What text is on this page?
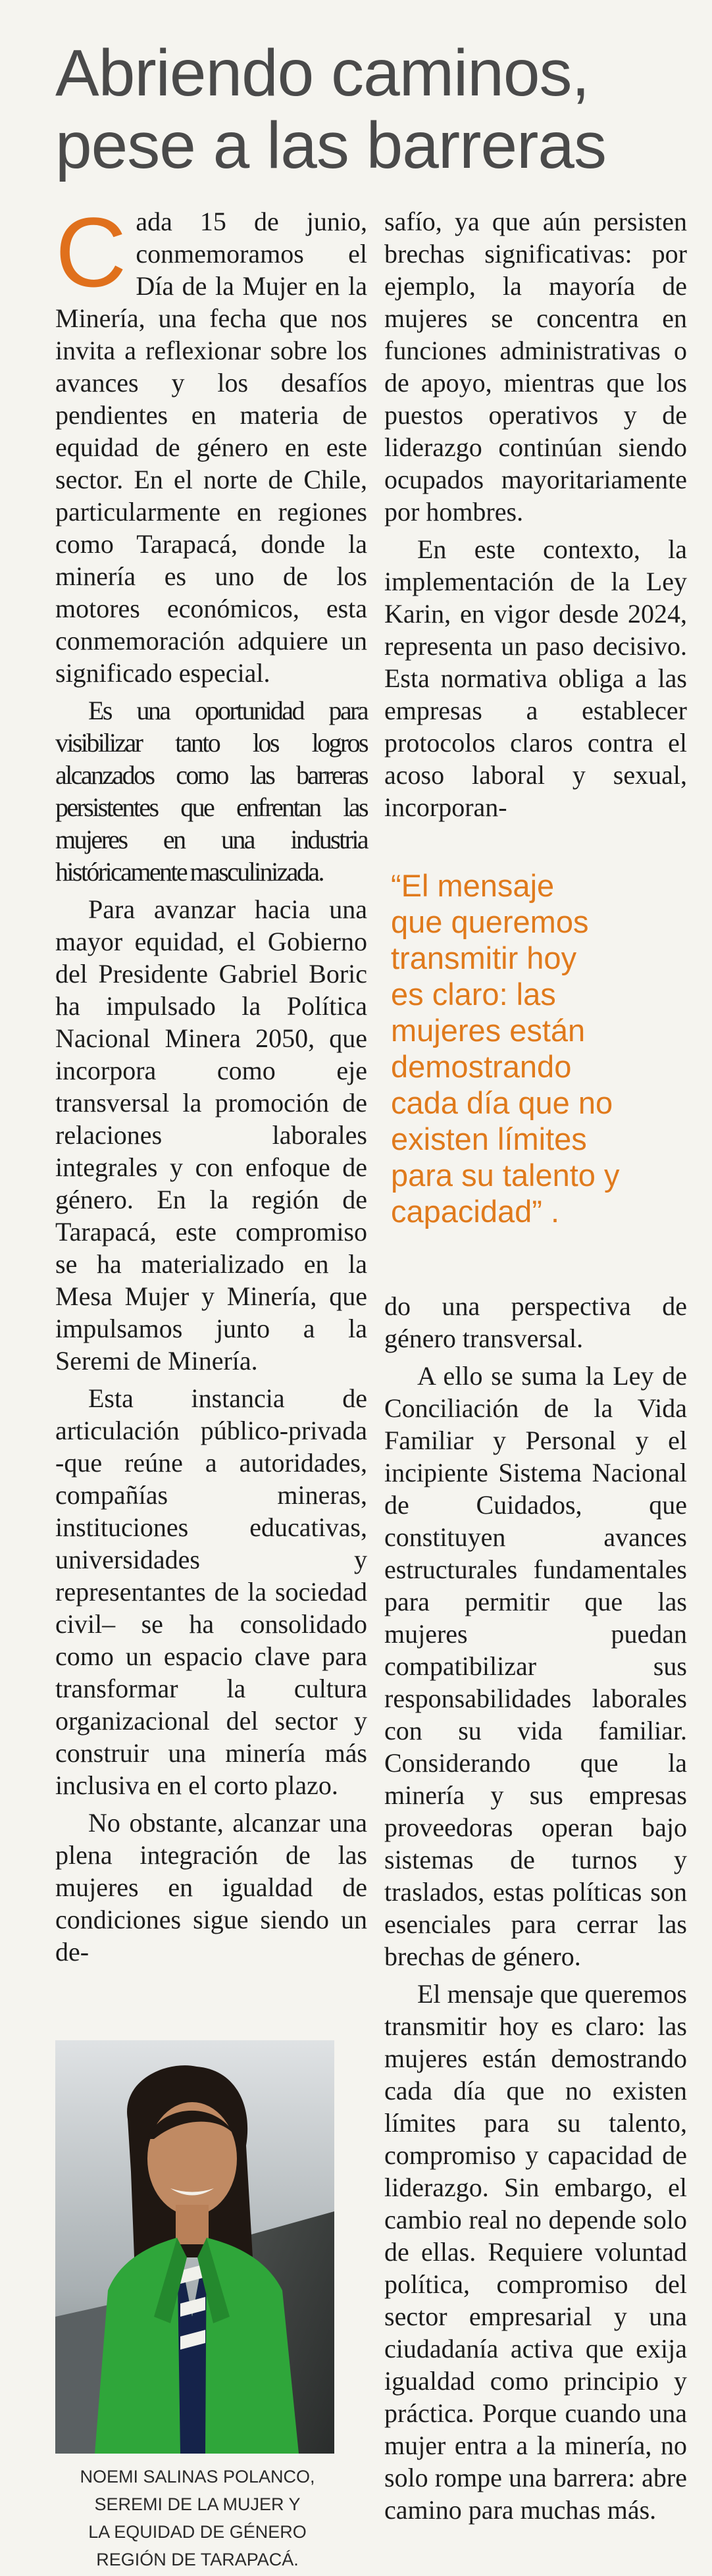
Abriendo caminos,
pese a las barreras

Cada 15 de junio, conmemoramos el Día de la Mujer en la Minería, una fecha que nos invita a reflexionar sobre los avances y los desafíos pendientes en materia de equidad de género en este sector. En el norte de Chile, particularmente en regiones como Tarapacá, donde la minería es uno de los motores económicos, esta conmemoración adquiere un significado especial.

Es una oportunidad para visibilizar tanto los logros alcanzados como las barreras persistentes que enfrentan las mujeres en una industria históricamente masculinizada.

Para avanzar hacia una mayor equidad, el Gobierno del Presidente Gabriel Boric ha impulsado la Política Nacional Minera 2050, que incorpora como eje transversal la promoción de relaciones laborales integrales y con enfoque de género. En la región de Tarapacá, este compromiso se ha materializado en la Mesa Mujer y Minería, que impulsamos junto a la Seremi de Minería.

Esta instancia de articulación público-privada -que reúne a autoridades, compañías mineras, instituciones educativas, universidades y representantes de la sociedad civil– se ha consolidado como un espacio clave para transformar la cultura organizacional del sector y construir una minería más inclusiva en el corto plazo.

No obstante, alcanzar una plena integración de las mujeres en igualdad de condiciones sigue siendo un de-

safío, ya que aún persisten brechas significativas: por ejemplo, la mayoría de mujeres se concentra en funciones administrativas o de apoyo, mientras que los puestos operativos y de liderazgo continúan siendo ocupados mayoritariamente por hombres.

En este contexto, la implementación de la Ley Karin, en vigor desde 2024, representa un paso decisivo. Esta normativa obliga a las empresas a establecer protocolos claros contra el acoso laboral y sexual, incorporan-

“El mensaje
que queremos
transmitir hoy
es claro: las
mujeres están
demostrando
cada día que no
existen límites
para su talento y
capacidad” .

do una perspectiva de género transversal.

A ello se suma la Ley de Conciliación de la Vida Familiar y Personal y el incipiente Sistema Nacional de Cuidados, que constituyen avances estructurales fundamentales para permitir que las mujeres puedan compatibilizar sus responsabilidades laborales con su vida familiar. Considerando que la minería y sus empresas proveedoras operan bajo sistemas de turnos y traslados, estas políticas son esenciales para cerrar las brechas de género.

El mensaje que queremos transmitir hoy es claro: las mujeres están demostrando cada día que no existen límites para su talento, compromiso y capacidad de liderazgo. Sin embargo, el cambio real no depende solo de ellas. Requiere voluntad política, compromiso del sector empresarial y una ciudadanía activa que exija igualdad como principio y práctica. Porque cuando una mujer entra a la minería, no solo rompe una barrera: abre camino para muchas más.

NOEMI SALINAS POLANCO,
SEREMI DE LA MUJER Y
LA EQUIDAD DE GÉNERO
REGIÓN DE TARAPACÁ.
